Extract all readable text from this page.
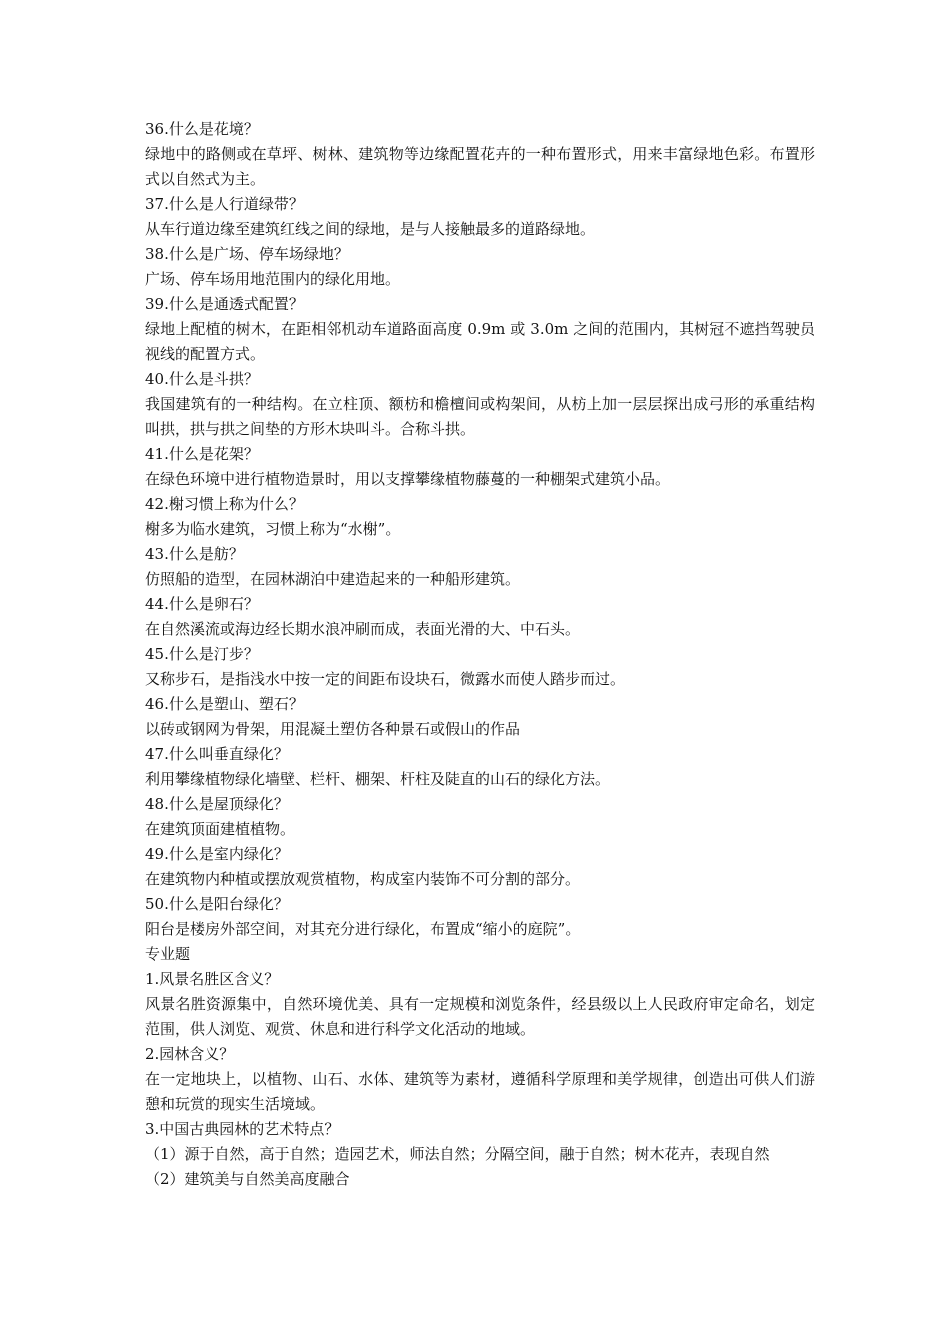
36.什么是花境？

绿地中的路侧或在草坪、树林、建筑物等边缘配置花卉的一种布置形式，用来丰富绿地色彩。布置形式以自然式为主。

37.什么是人行道绿带？

从车行道边缘至建筑红线之间的绿地，是与人接触最多的道路绿地。

38.什么是广场、停车场绿地？

广场、停车场用地范围内的绿化用地。

39.什么是通透式配置？

绿地上配植的树木，在距相邻机动车道路面高度 0.9m 或 3.0m 之间的范围内，其树冠不遮挡驾驶员视线的配置方式。

40.什么是斗拱？

我国建筑有的一种结构。在立柱顶、额枋和檐檀间或构架间，从枋上加一层层探出成弓形的承重结构叫拱，拱与拱之间垫的方形木块叫斗。合称斗拱。

41.什么是花架？

在绿色环境中进行植物造景时，用以支撑攀缘植物藤蔓的一种棚架式建筑小品。

42.榭习惯上称为什么？

榭多为临水建筑，习惯上称为“水榭”。

43.什么是舫？

仿照船的造型，在园林湖泊中建造起来的一种船形建筑。

44.什么是卵石？

在自然溪流或海边经长期水浪冲刷而成，表面光滑的大、中石头。

45.什么是汀步？

又称步石，是指浅水中按一定的间距布设块石，微露水而使人踏步而过。

46.什么是塑山、塑石？

以砖或钢网为骨架，用混凝土塑仿各种景石或假山的作品

47.什么叫垂直绿化？

利用攀缘植物绿化墙壁、栏杆、棚架、杆柱及陡直的山石的绿化方法。

48.什么是屋顶绿化？

在建筑顶面建植植物。

49.什么是室内绿化？

在建筑物内种植或摆放观赏植物，构成室内装饰不可分割的部分。

50.什么是阳台绿化？

阳台是楼房外部空间，对其充分进行绿化，布置成“缩小的庭院”。

专业题

1.风景名胜区含义？

风景名胜资源集中，自然环境优美、具有一定规模和浏览条件，经县级以上人民政府审定命名，划定范围，供人浏览、观赏、休息和进行科学文化活动的地域。

2.园林含义？

在一定地块上，以植物、山石、水体、建筑等为素材，遵循科学原理和美学规律，创造出可供人们游憩和玩赏的现实生活境域。

3.中国古典园林的艺术特点？

（1）源于自然，高于自然；造园艺术，师法自然；分隔空间，融于自然；树木花卉，表现自然

（2）建筑美与自然美高度融合
